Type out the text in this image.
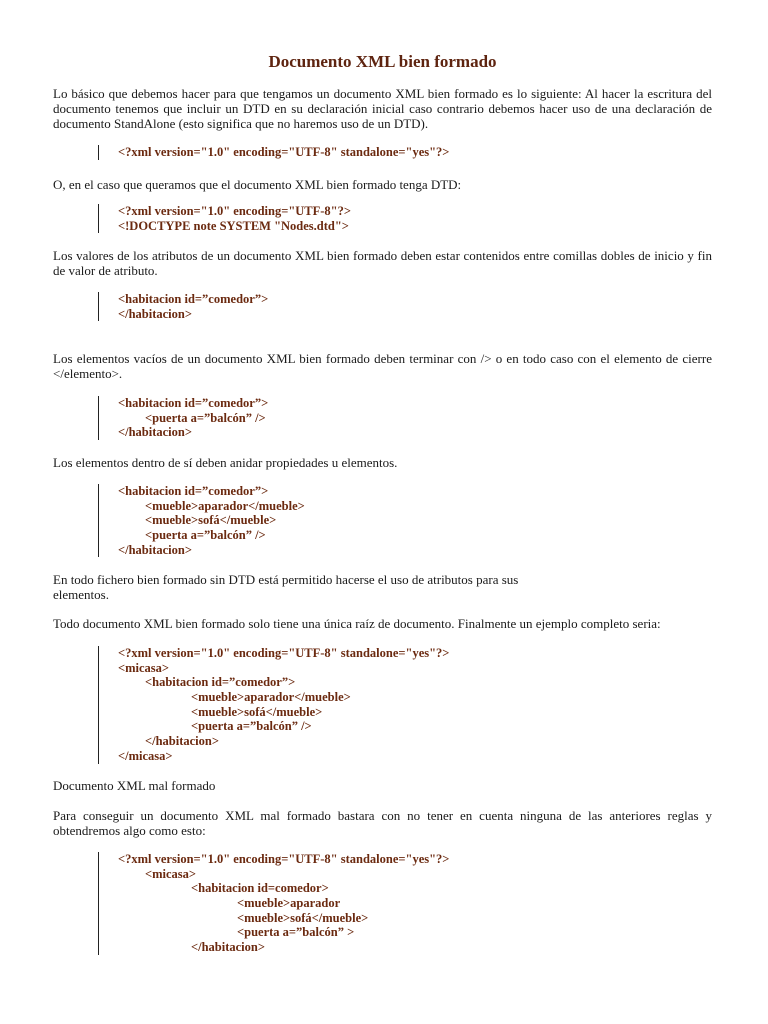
Documento XML bien formado

Lo básico que debemos hacer para que tengamos un documento XML bien formado es lo siguiente: Al hacer la escritura del documento tenemos que incluir un DTD en su declaración inicial caso contrario debemos hacer uso de una declaración de documento StandAlone (esto significa que no haremos uso de un DTD).

<?xml version="1.0" encoding="UTF-8" standalone="yes"?>

O, en el caso que queramos que el documento XML bien formado tenga DTD:

<?xml version="1.0" encoding="UTF-8"?>
<!DOCTYPE note SYSTEM "Nodes.dtd">

Los valores de los atributos de un documento XML bien formado deben estar contenidos entre comillas dobles de inicio y fin de valor de atributo.

<habitacion id=”comedor”>
</habitacion>

Los elementos vacíos de un documento XML bien formado deben terminar con /> o en todo caso con el elemento de cierre </elemento>.

<habitacion id=”comedor”>
<puerta a=”balcón” />
</habitacion>

Los elementos dentro de sí deben anidar propiedades u elementos.

<habitacion id=”comedor”>
<mueble>aparador</mueble>
<mueble>sofá</mueble>
<puerta a=”balcón” />
</habitacion>

En todo fichero bien formado sin DTD está permitido hacerse el uso de atributos para sus
elementos.

Todo documento XML bien formado solo tiene una única raíz de documento. Finalmente un ejemplo completo seria:

<?xml version="1.0" encoding="UTF-8" standalone="yes"?>
<micasa>
<habitacion id=”comedor”>
<mueble>aparador</mueble>
<mueble>sofá</mueble>
<puerta a=”balcón” />
</habitacion>
</micasa>

Documento XML mal formado

Para conseguir un documento XML mal formado bastara con no tener en cuenta ninguna de las anteriores reglas y obtendremos algo como esto:

<?xml version="1.0" encoding="UTF-8" standalone="yes"?>
<micasa>
<habitacion id=comedor>
<mueble>aparador
<mueble>sofá</mueble>
<puerta a=”balcón” >
</habitacion>
